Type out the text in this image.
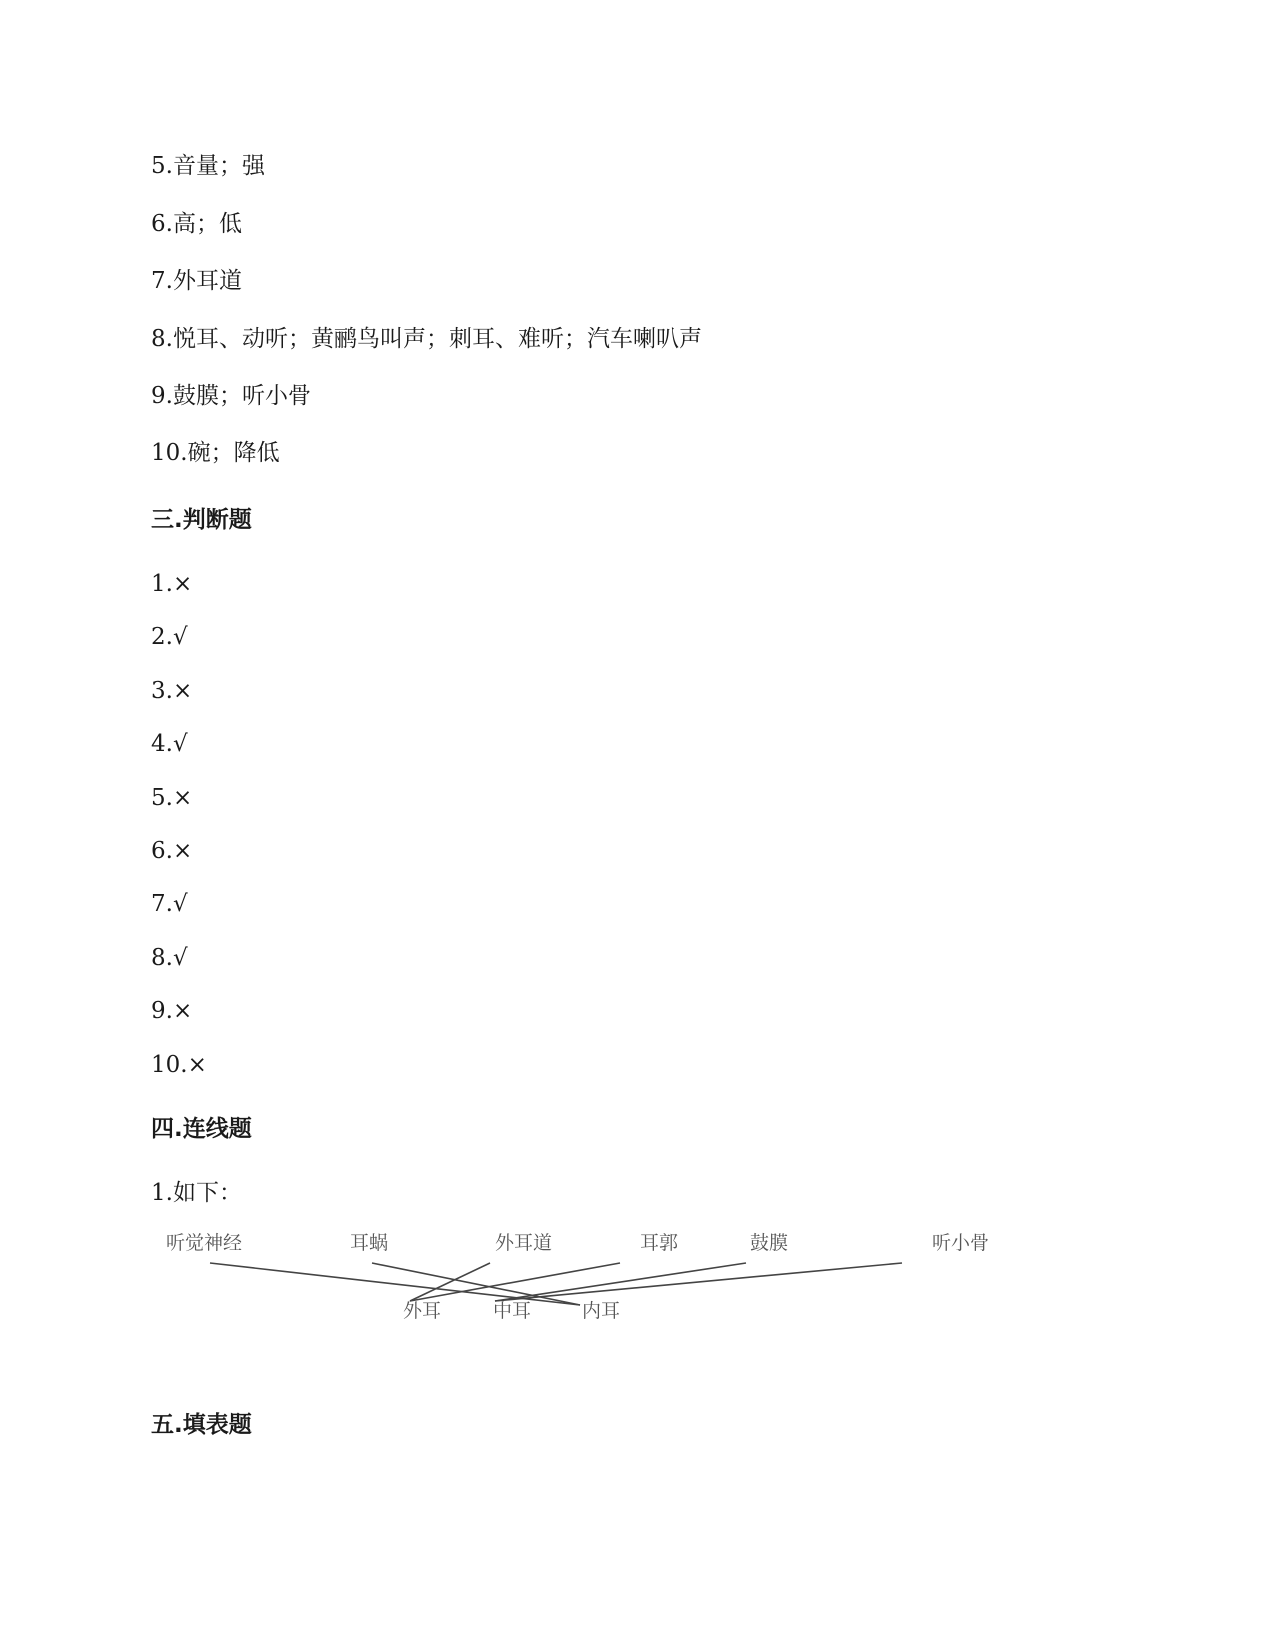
5.音量；强
6.高；低
7.外耳道
8.悦耳、动听；黄鹂鸟叫声；刺耳、难听；汽车喇叭声
9.鼓膜；听小骨
10.碗；降低
三.判断题
1.×
2.√
3.×
4.√
5.×
6.×
7.√
8.√
9.×
10.×
四.连线题
1.如下：
听觉神经	耳蜗	外耳道	耳郭	鼓膜	听小骨
外耳	中耳	内耳
五.填表题
